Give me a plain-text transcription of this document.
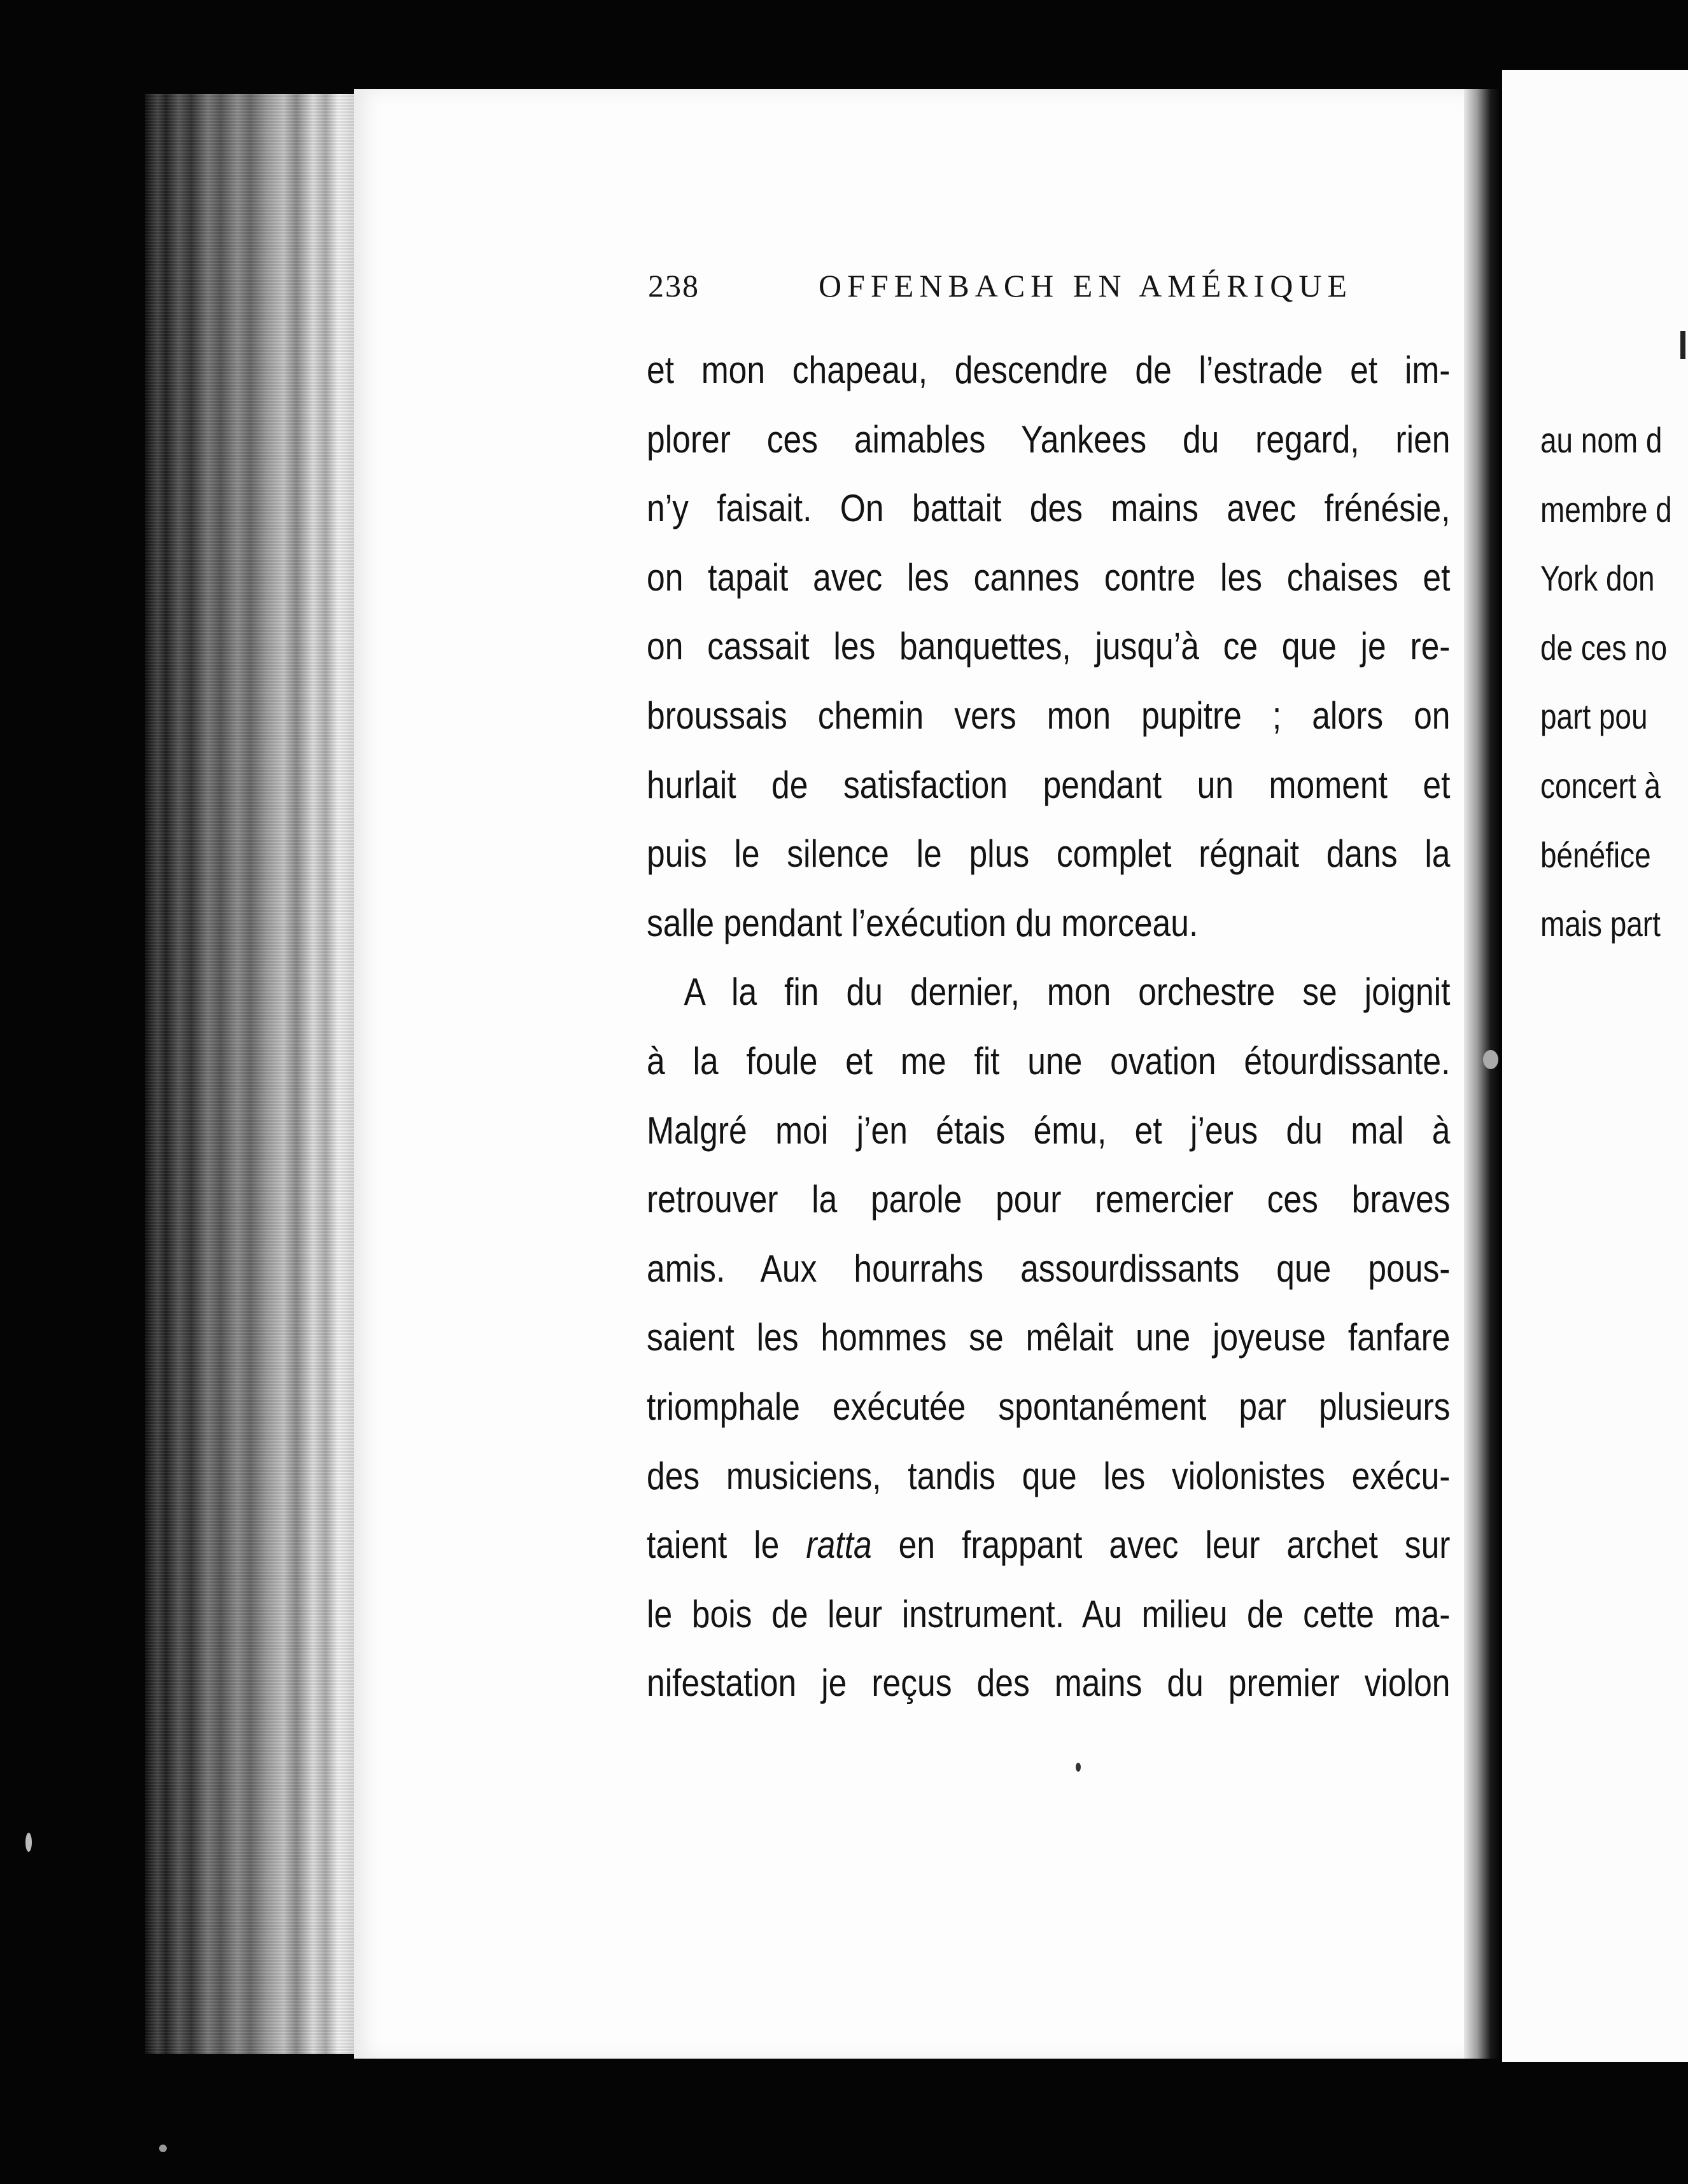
238	OFFENBACH EN AMÉRIQUE
et mon chapeau, descendre de l’estrade et im-
plorer ces aimables Yankees du regard, rien
n’y faisait. On battait des mains avec frénésie,
on tapait avec les cannes contre les chaises et
on cassait les banquettes, jusqu’à ce que je re-
broussais chemin vers mon pupitre ; alors on
hurlait de satisfaction pendant un moment et
puis le silence le plus complet régnait dans la
salle pendant l’exécution du morceau.
A la fin du dernier, mon orchestre se joignit
à la foule et me fit une ovation étourdissante.
Malgré moi j’en étais ému, et j’eus du mal à
retrouver la parole pour remercier ces braves
amis. Aux hourrahs assourdissants que pous-
saient les hommes se mêlait une joyeuse fanfare
triomphale exécutée spontanément par plusieurs
des musiciens, tandis que les violonistes exécu-
taient le ratta en frappant avec leur archet sur
le bois de leur instrument. Au milieu de cette ma-
nifestation je reçus des mains du premier violon
au nom d
membre d
York don
de ces no
part pou
concert à
bénéfice
mais part
